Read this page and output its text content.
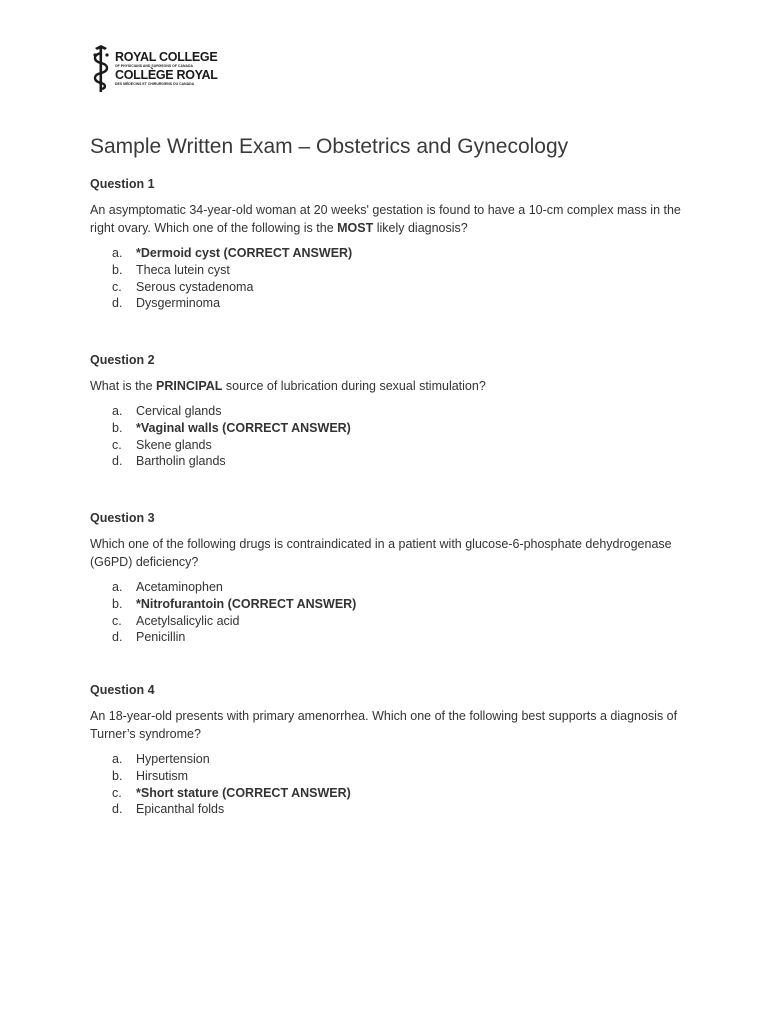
ROYAL COLLEGE
OF PHYSICIANS AND SURGEONS OF CANADA
COLLÈGE ROYAL
DES MÉDECINS ET CHIRURGIENS DU CANADA
Sample Written Exam – Obstetrics and Gynecology

Question 1

An asymptomatic 34-year-old woman at 20 weeks' gestation is found to have a 10-cm complex mass in the right ovary. Which one of the following is the MOST likely diagnosis?

a.	*Dermoid cyst (CORRECT ANSWER)
b.	Theca lutein cyst
c.	Serous cystadenoma
d.	Dysgerminoma

Question 2

What is the PRINCIPAL source of lubrication during sexual stimulation?

a.	Cervical glands
b.	*Vaginal walls (CORRECT ANSWER)
c.	Skene glands
d.	Bartholin glands

Question 3

Which one of the following drugs is contraindicated in a patient with glucose-6-phosphate dehydrogenase (G6PD) deficiency?

a.	Acetaminophen
b.	*Nitrofurantoin (CORRECT ANSWER)
c.	Acetylsalicylic acid
d.	Penicillin

Question 4

An 18-year-old presents with primary amenorrhea. Which one of the following best supports a diagnosis of Turner’s syndrome?

a.	Hypertension
b.	Hirsutism
c.	*Short stature (CORRECT ANSWER)
d.	Epicanthal folds
